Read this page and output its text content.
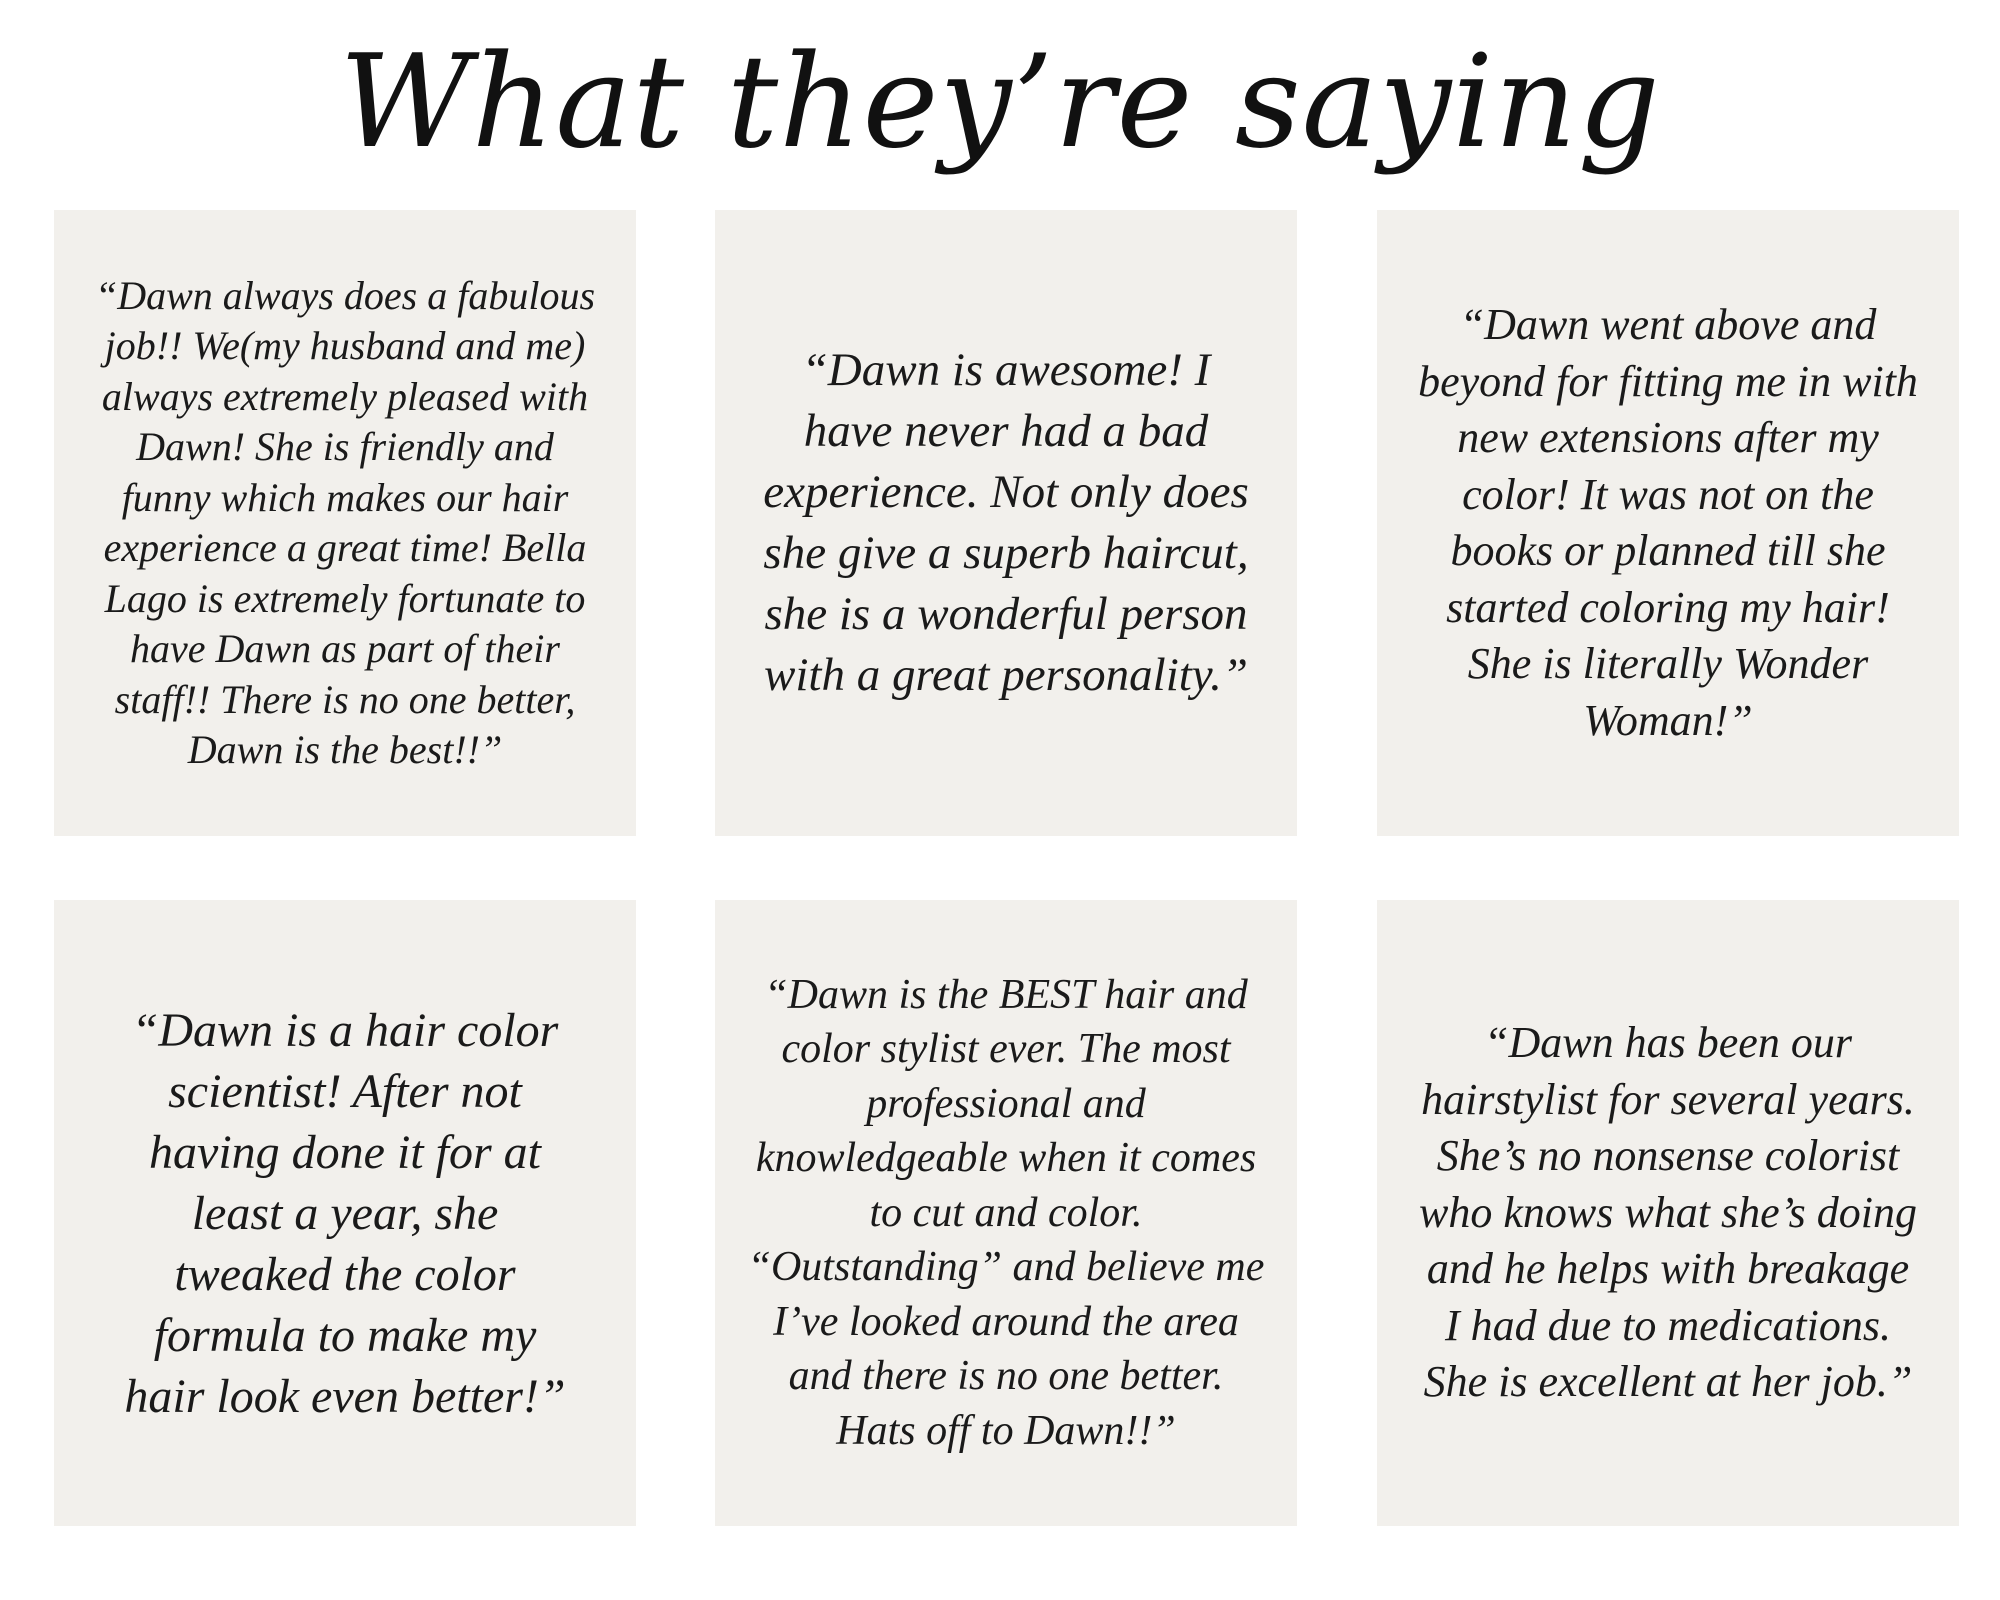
What they’re saying

“Dawn always does a fabulous job!! We(my husband and me) always extremely pleased with Dawn! She is friendly and funny which makes our hair experience a great time! Bella Lago is extremely fortunate to have Dawn as part of their staff!! There is no one better, Dawn is the best!!”

“Dawn is awesome! I have never had a bad experience. Not only does she give a superb haircut, she is a wonderful person with a great personality.”

“Dawn went above and beyond for fitting me in with new extensions after my color! It was not on the books or planned till she started coloring my hair! She is literally Wonder Woman!”

“Dawn is a hair color scientist! After not having done it for at least a year, she tweaked the color formula to make my hair look even better!”

“Dawn is the BEST hair and color stylist ever. The most professional and knowledgeable when it comes to cut and color. “Outstanding” and believe me I’ve looked around the area and there is no one better. Hats off to Dawn!!”

“Dawn has been our hairstylist for several years. She’s no nonsense colorist who knows what she’s doing and he helps with breakage I had due to medications. She is excellent at her job.”
